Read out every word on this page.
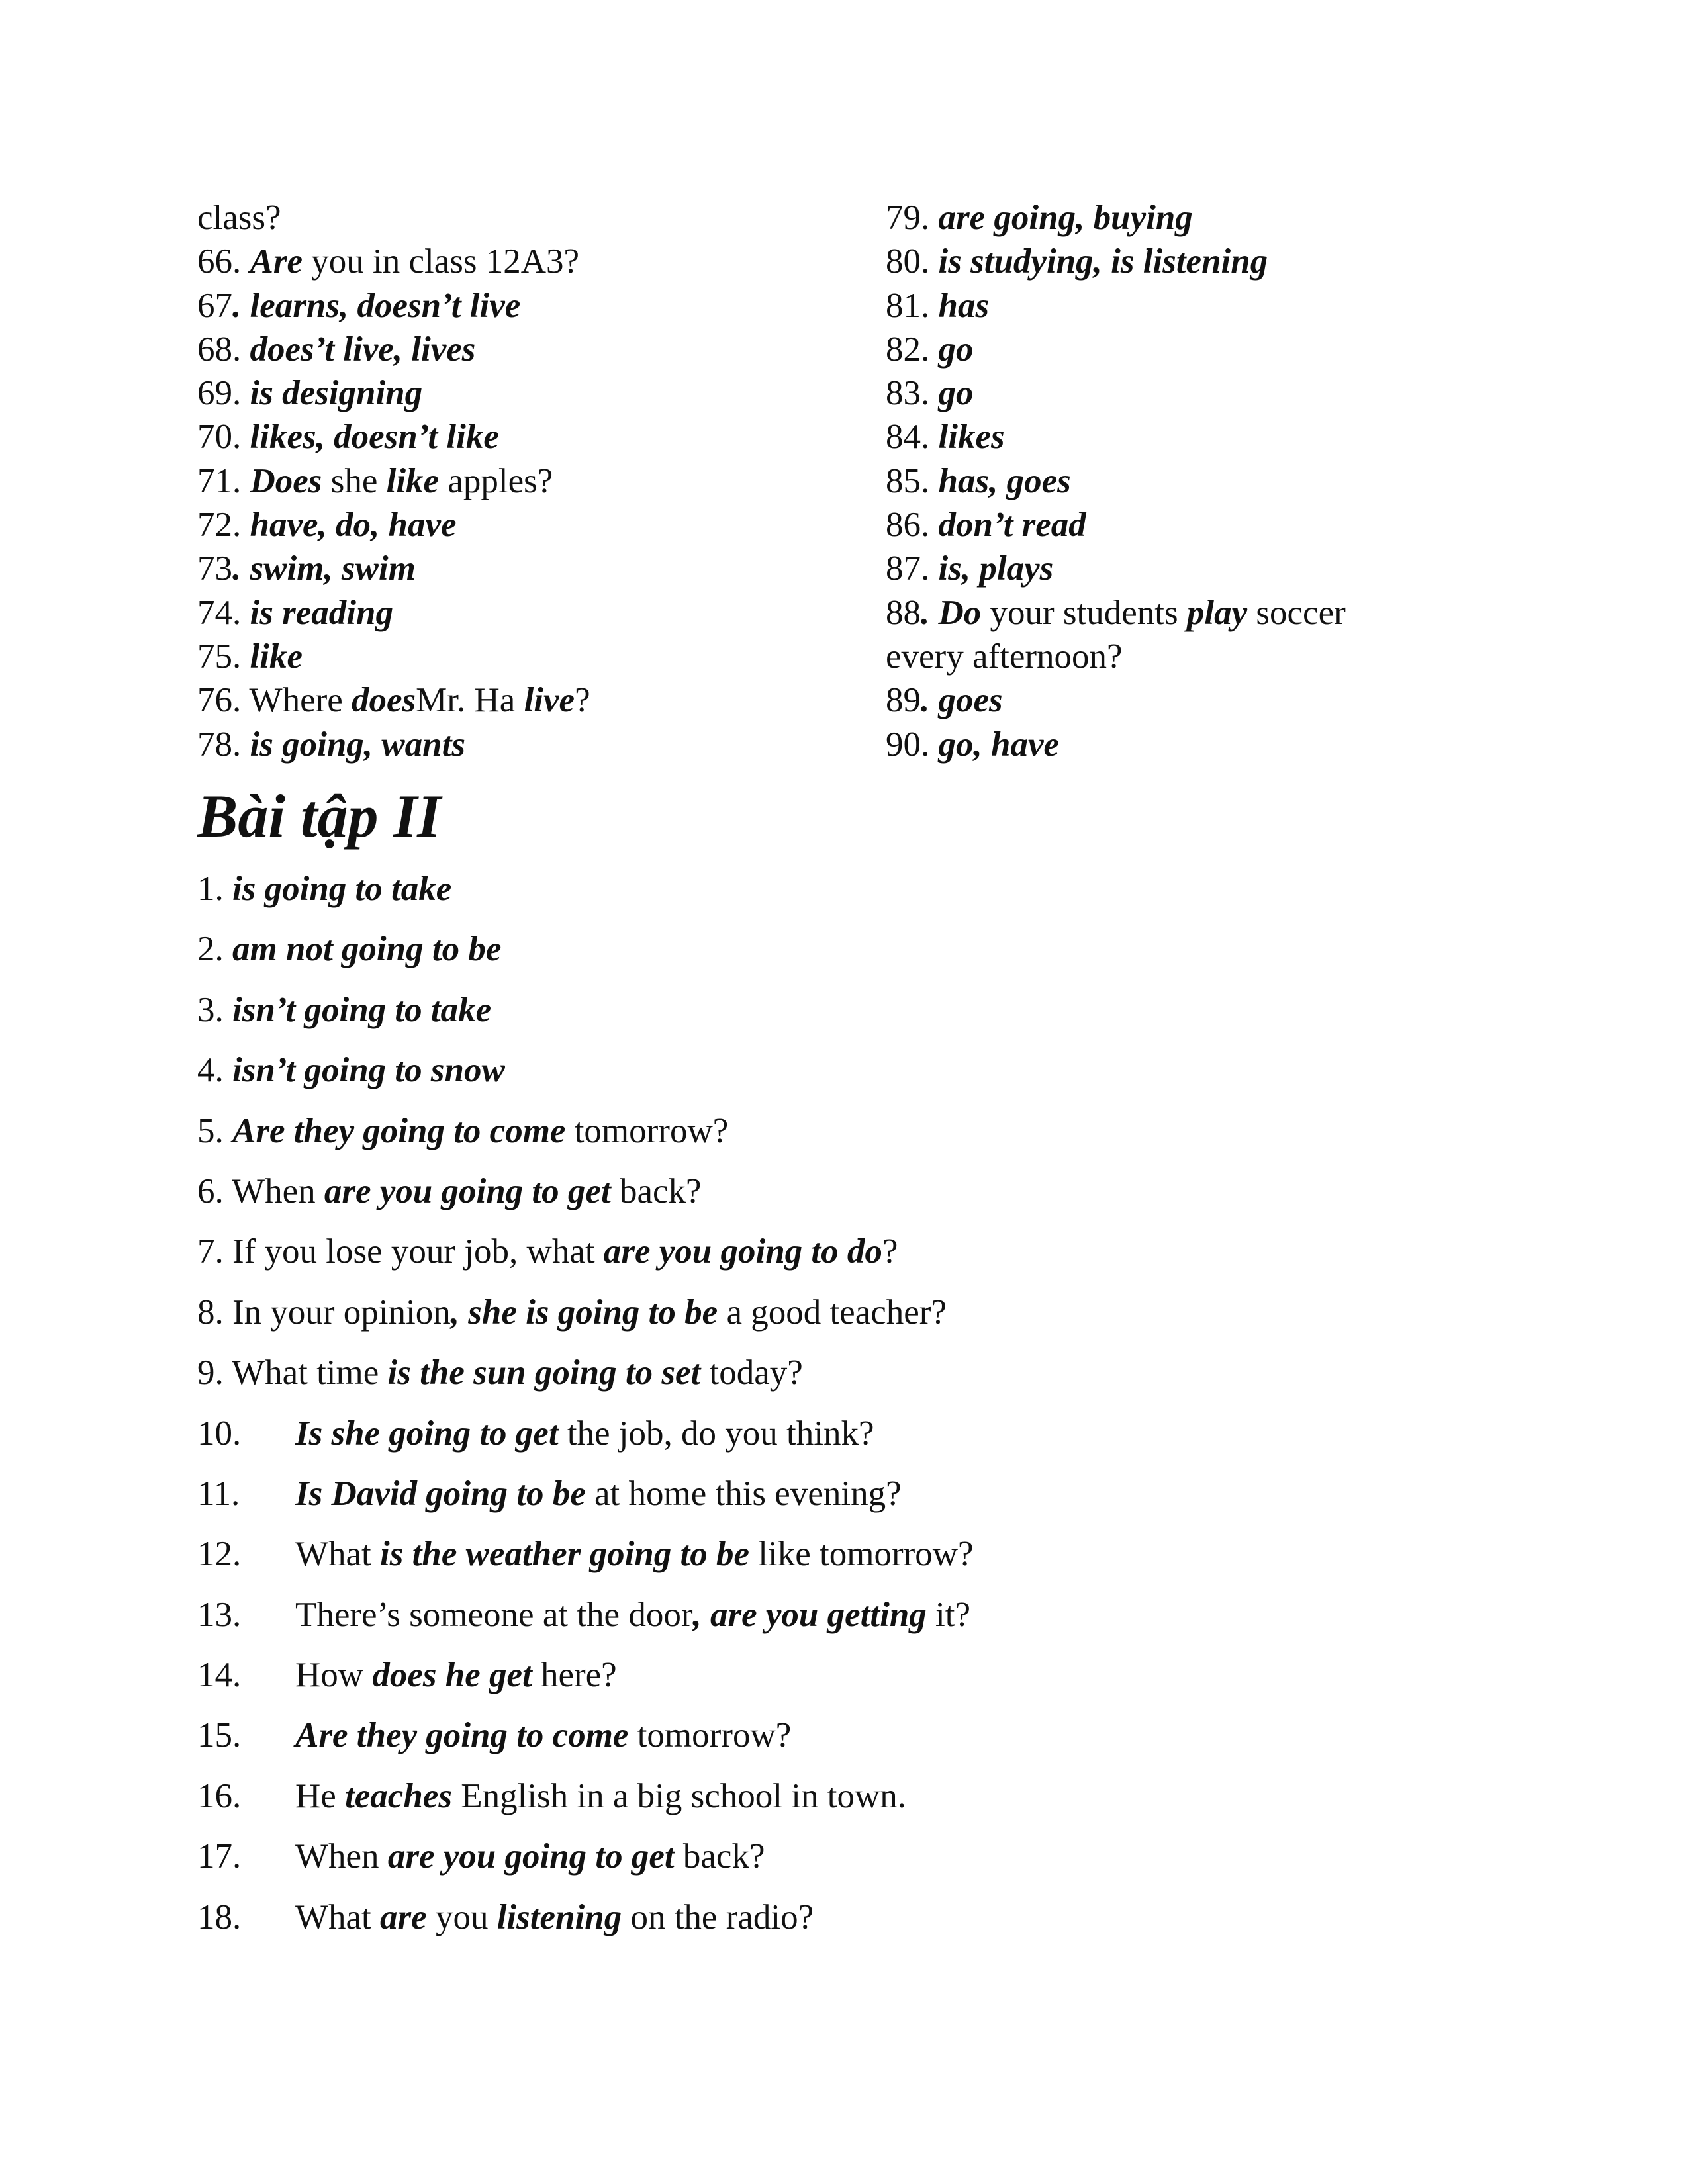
class?
66. Are you in class 12A3?
67. learns, doesn’t live
68. does’t live, lives
69. is designing
70. likes, doesn’t like
71. Does she like apples?
72. have, do, have
73. swim, swim
74. is reading
75. like
76. Where doesMr. Ha live?
78. is going, wants
79. are going, buying
80. is studying, is listening
81. has
82. go
83. go
84. likes
85. has, goes
86. don’t read
87. is, plays
88. Do your students play soccer
every afternoon?
89. goes
90. go, have
Bài tập II
1. is going to take
2. am not going to be
3. isn’t going to take
4. isn’t going to snow
5. Are they going to come tomorrow?
6. When are you going to get back?
7. If you lose your job, what are you going to do?
8. In your opinion, she is going to be a good teacher?
9. What time is the sun going to set today?
10. Is she going to get the job, do you think?
11. Is David going to be at home this evening?
12. What is the weather going to be like tomorrow?
13. There’s someone at the door, are you getting it?
14. How does he get here?
15. Are they going to come tomorrow?
16. He teaches English in a big school in town.
17. When are you going to get back?
18. What are you listening on the radio?
